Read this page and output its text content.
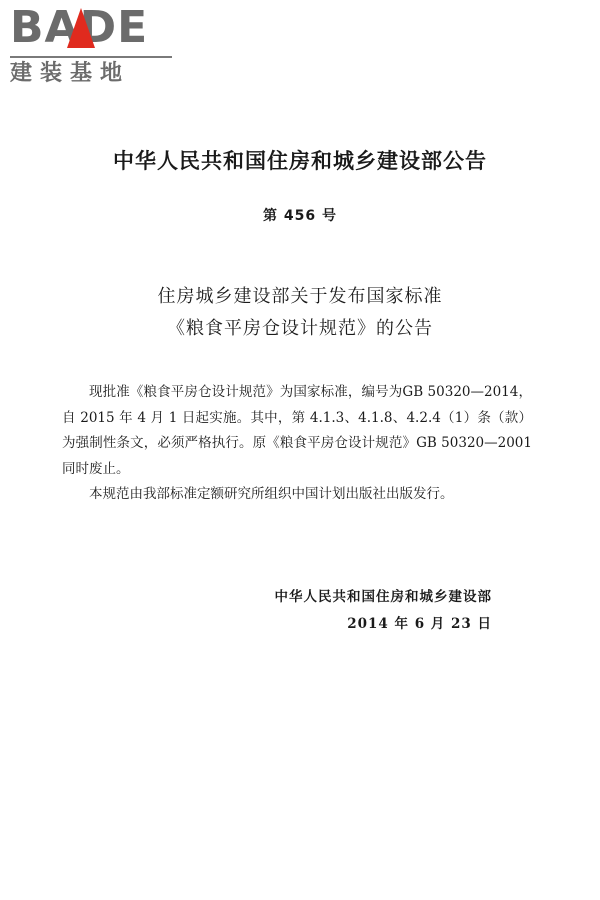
BADE
建装基地
中华人民共和国住房和城乡建设部公告
第 456 号
住房城乡建设部关于发布国家标准
《粮食平房仓设计规范》的公告

现批准《粮食平房仓设计规范》为国家标准，编号为GB 50320—2014，自 2015 年 4 月 1 日起实施。其中，第 4.1.3、4.1.8、4.2.4（1）条（款）为强制性条文，必须严格执行。原《粮食平房仓设计规范》GB 50320—2001 同时废止。

本规范由我部标准定额研究所组织中国计划出版社出版发行。

中华人民共和国住房和城乡建设部
2014 年 6 月 23 日
